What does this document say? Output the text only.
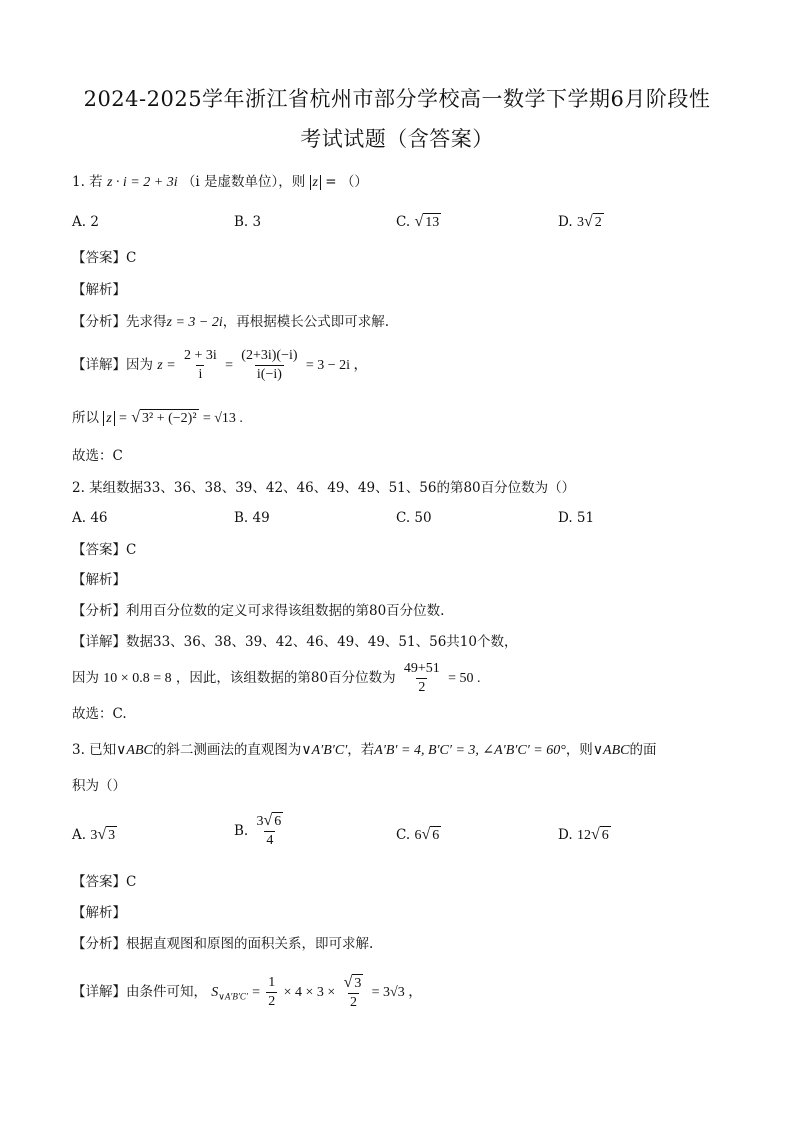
2024-2025学年浙江省杭州市部分学校高一数学下学期6月阶段性
考试试题（含答案）
1. 若 z · i = 2 + 3i （i 是虚数单位），则 z = （）
A. 2	B. 3	C. √ 13	D. 3 √ 2
【答案】C
【解析】
【分析】先求得z = 3 − 2i，再根据模长公式即可求解.
【详解】因为 $z = \frac{2 + 3i}{i} = \frac{(2+3i)(-i)}{i(-i)} = 3 - 2i$ ，
所以 z = √ 3² + (−2)² = √13 .
故选：C
2. 某组数据33、36、38、39、42、46、49、49、51、56的第80百分位数为（）
A. 46	B. 49	C. 50	D. 51
【答案】C
【解析】
【分析】利用百分位数的定义可求得该组数据的第80百分位数.
【详解】数据33、36、38、39、42、46、49、49、51、56共10个数，
因为 10 × 0.8 = 8 ，因此，该组数据的第80百分位数为 $\frac{49+51}{2} = 50$ .
故选：C.
3. 已知∨ABC的斜二测画法的直观图为∨A′B′C′，若A′B′ = 4, B′C′ = 3, ∠A′B′C′ = 60°，则∨ABC的面
积为（）
A. 3 √ 3	B. $\frac{3 √ 6}{4}$	C. 6 √ 6	D. 12 √ 6
【答案】C
【解析】
【分析】根据直观图和原图的面积关系，即可求解.
【详解】由条件可知， $S_{\vee A'B'C'} = \frac{1}{2} \times 4 \times 3 \times \frac{√ 3}{2} = 3√3$ ，
